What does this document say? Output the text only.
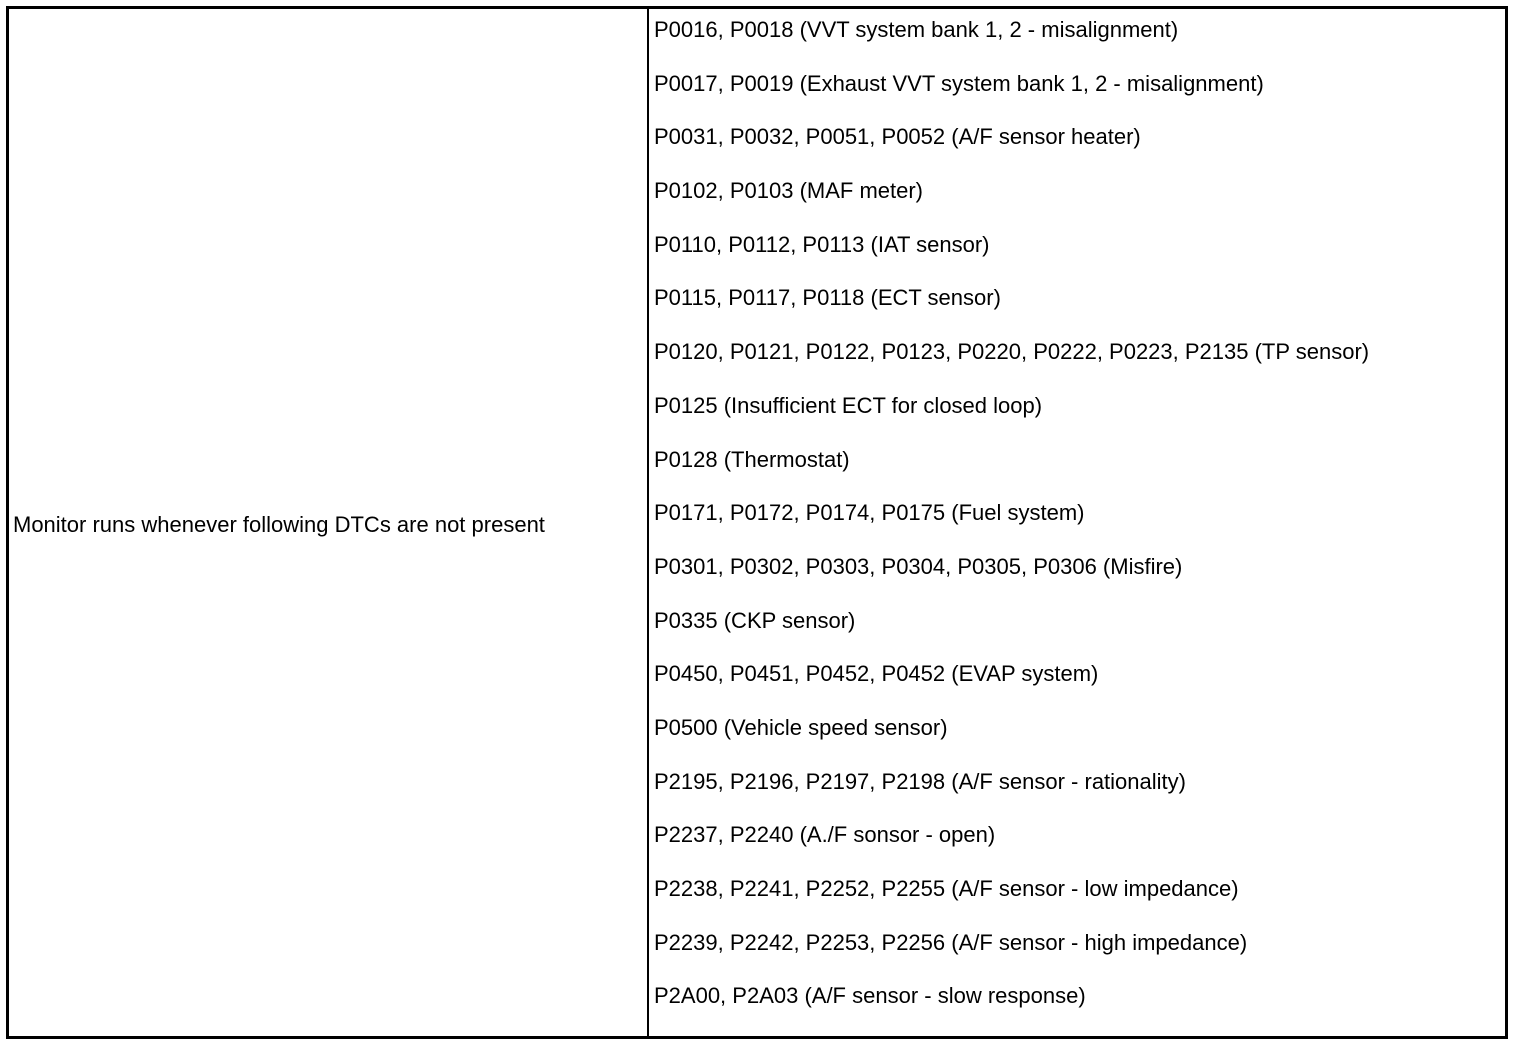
Monitor runs whenever following DTCs are not present
P0016, P0018 (VVT system bank 1, 2 - misalignment)
P0017, P0019 (Exhaust VVT system bank 1, 2 - misalignment)
P0031, P0032, P0051, P0052 (A/F sensor heater)
P0102, P0103 (MAF meter)
P0110, P0112, P0113 (IAT sensor)
P0115, P0117, P0118 (ECT sensor)
P0120, P0121, P0122, P0123, P0220, P0222, P0223, P2135 (TP sensor)
P0125 (Insufficient ECT for closed loop)
P0128 (Thermostat)
P0171, P0172, P0174, P0175 (Fuel system)
P0301, P0302, P0303, P0304, P0305, P0306 (Misfire)
P0335 (CKP sensor)
P0450, P0451, P0452, P0452 (EVAP system)
P0500 (Vehicle speed sensor)
P2195, P2196, P2197, P2198 (A/F sensor - rationality)
P2237, P2240 (A./F sonsor - open)
P2238, P2241, P2252, P2255 (A/F sensor - low impedance)
P2239, P2242, P2253, P2256 (A/F sensor - high impedance)
P2A00, P2A03 (A/F sensor - slow response)
